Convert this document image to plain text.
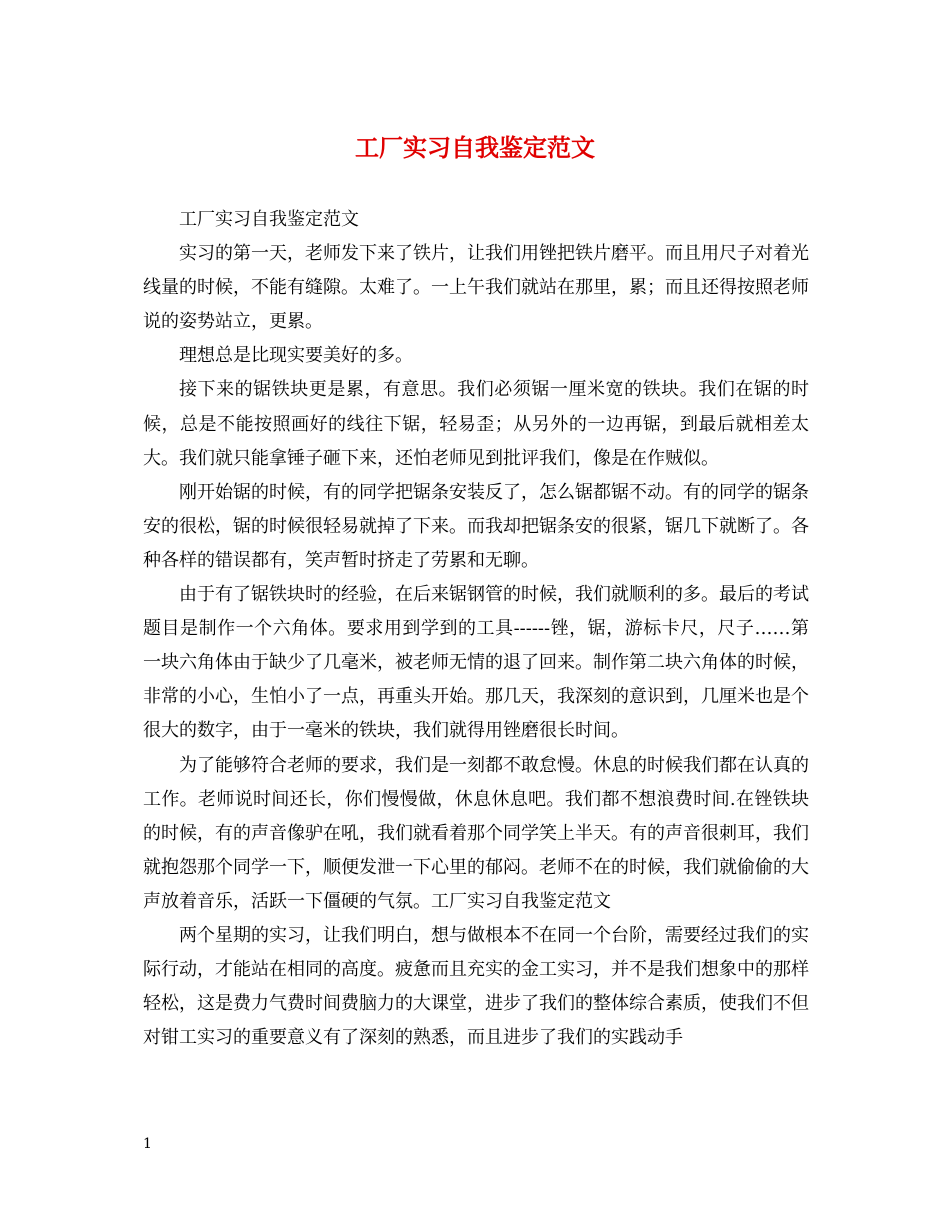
工厂实习自我鉴定范文

工厂实习自我鉴定范文

实习的第一天，老师发下来了铁片，让我们用锉把铁片磨平。而且用尺子对着光线量的时候，不能有缝隙。太难了。一上午我们就站在那里，累；而且还得按照老师说的姿势站立，更累。

理想总是比现实要美好的多。

接下来的锯铁块更是累，有意思。我们必须锯一厘米宽的铁块。我们在锯的时候，总是不能按照画好的线往下锯，轻易歪；从另外的一边再锯，到最后就相差太大。我们就只能拿锤子砸下来，还怕老师见到批评我们，像是在作贼似。

刚开始锯的时候，有的同学把锯条安装反了，怎么锯都锯不动。有的同学的锯条安的很松，锯的时候很轻易就掉了下来。而我却把锯条安的很紧，锯几下就断了。各种各样的错误都有，笑声暂时挤走了劳累和无聊。

由于有了锯铁块时的经验，在后来锯钢管的时候，我们就顺利的多。最后的考试题目是制作一个六角体。要求用到学到的工具------锉，锯，游标卡尺，尺子……第一块六角体由于缺少了几毫米，被老师无情的退了回来。制作第二块六角体的时候，非常的小心，生怕小了一点，再重头开始。那几天，我深刻的意识到，几厘米也是个很大的数字，由于一毫米的铁块，我们就得用锉磨很长时间。

为了能够符合老师的要求，我们是一刻都不敢怠慢。休息的时候我们都在认真的工作。老师说时间还长，你们慢慢做，休息休息吧。我们都不想浪费时间.在锉铁块的时候，有的声音像驴在吼，我们就看着那个同学笑上半天。有的声音很刺耳，我们就抱怨那个同学一下，顺便发泄一下心里的郁闷。老师不在的时候，我们就偷偷的大声放着音乐，活跃一下僵硬的气氛。工厂实习自我鉴定范文

两个星期的实习，让我们明白，想与做根本不在同一个台阶，需要经过我们的实际行动，才能站在相同的高度。疲惫而且充实的金工实习，并不是我们想象中的那样轻松，这是费力气费时间费脑力的大课堂，进步了我们的整体综合素质，使我们不但对钳工实习的重要意义有了深刻的熟悉，而且进步了我们的实践动手

1
